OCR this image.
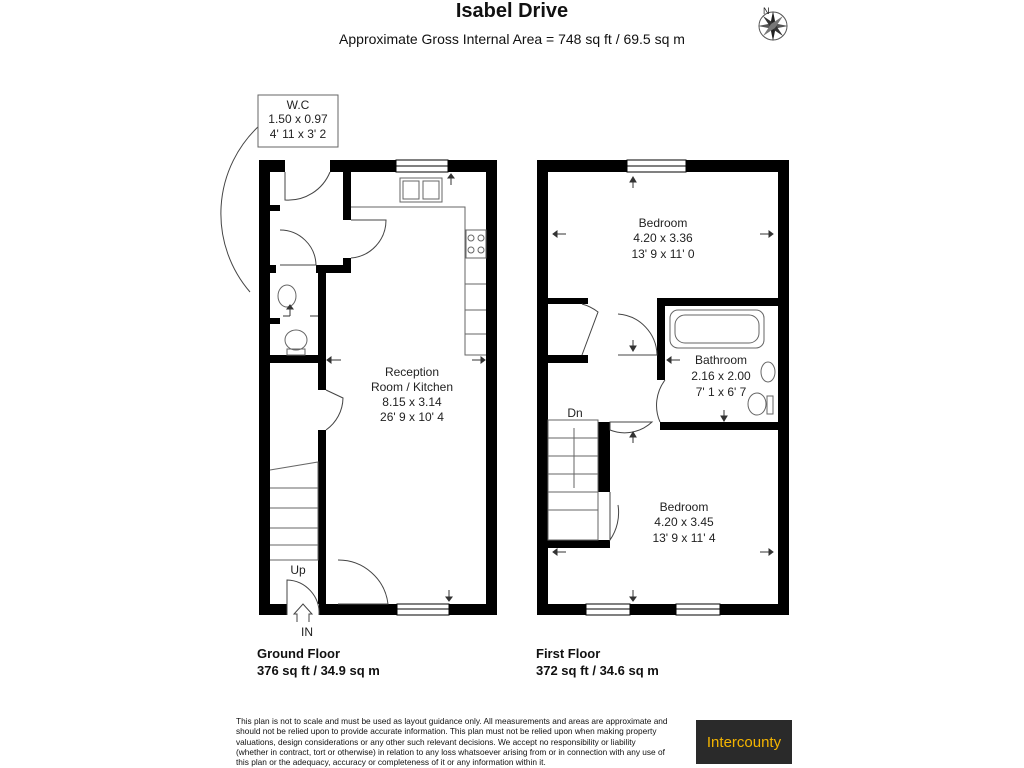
Isabel Drive
Approximate Gross Internal Area = 748 sq ft / 69.5 sq m
N
W.C
1.50 x 0.97
4' 11 x 3' 2
Reception
Room / Kitchen
8.15 x 3.14
26' 9 x 10' 4
Up
IN
Bedroom
4.20 x 3.36
13' 9 x 11' 0
Bathroom
2.16 x 2.00
7' 1 x 6' 7
Bedroom
4.20 x 3.45
13' 9 x 11' 4
Dn
Ground Floor
376 sq ft / 34.9 sq m
First Floor
372 sq ft / 34.6 sq m
This plan is not to scale and must be used as layout guidance only. All measurements and areas are approximate and should not be relied upon to provide accurate information. This plan must not be relied upon when making property valuations, design considerations or any other such relevant decisions. We accept no responsibility or liability (whether in contract, tort or otherwise) in relation to any loss whatsoever arising from or in connection with any use of this plan or the adequacy, accuracy or completeness of it or any information within it.
Intercounty
